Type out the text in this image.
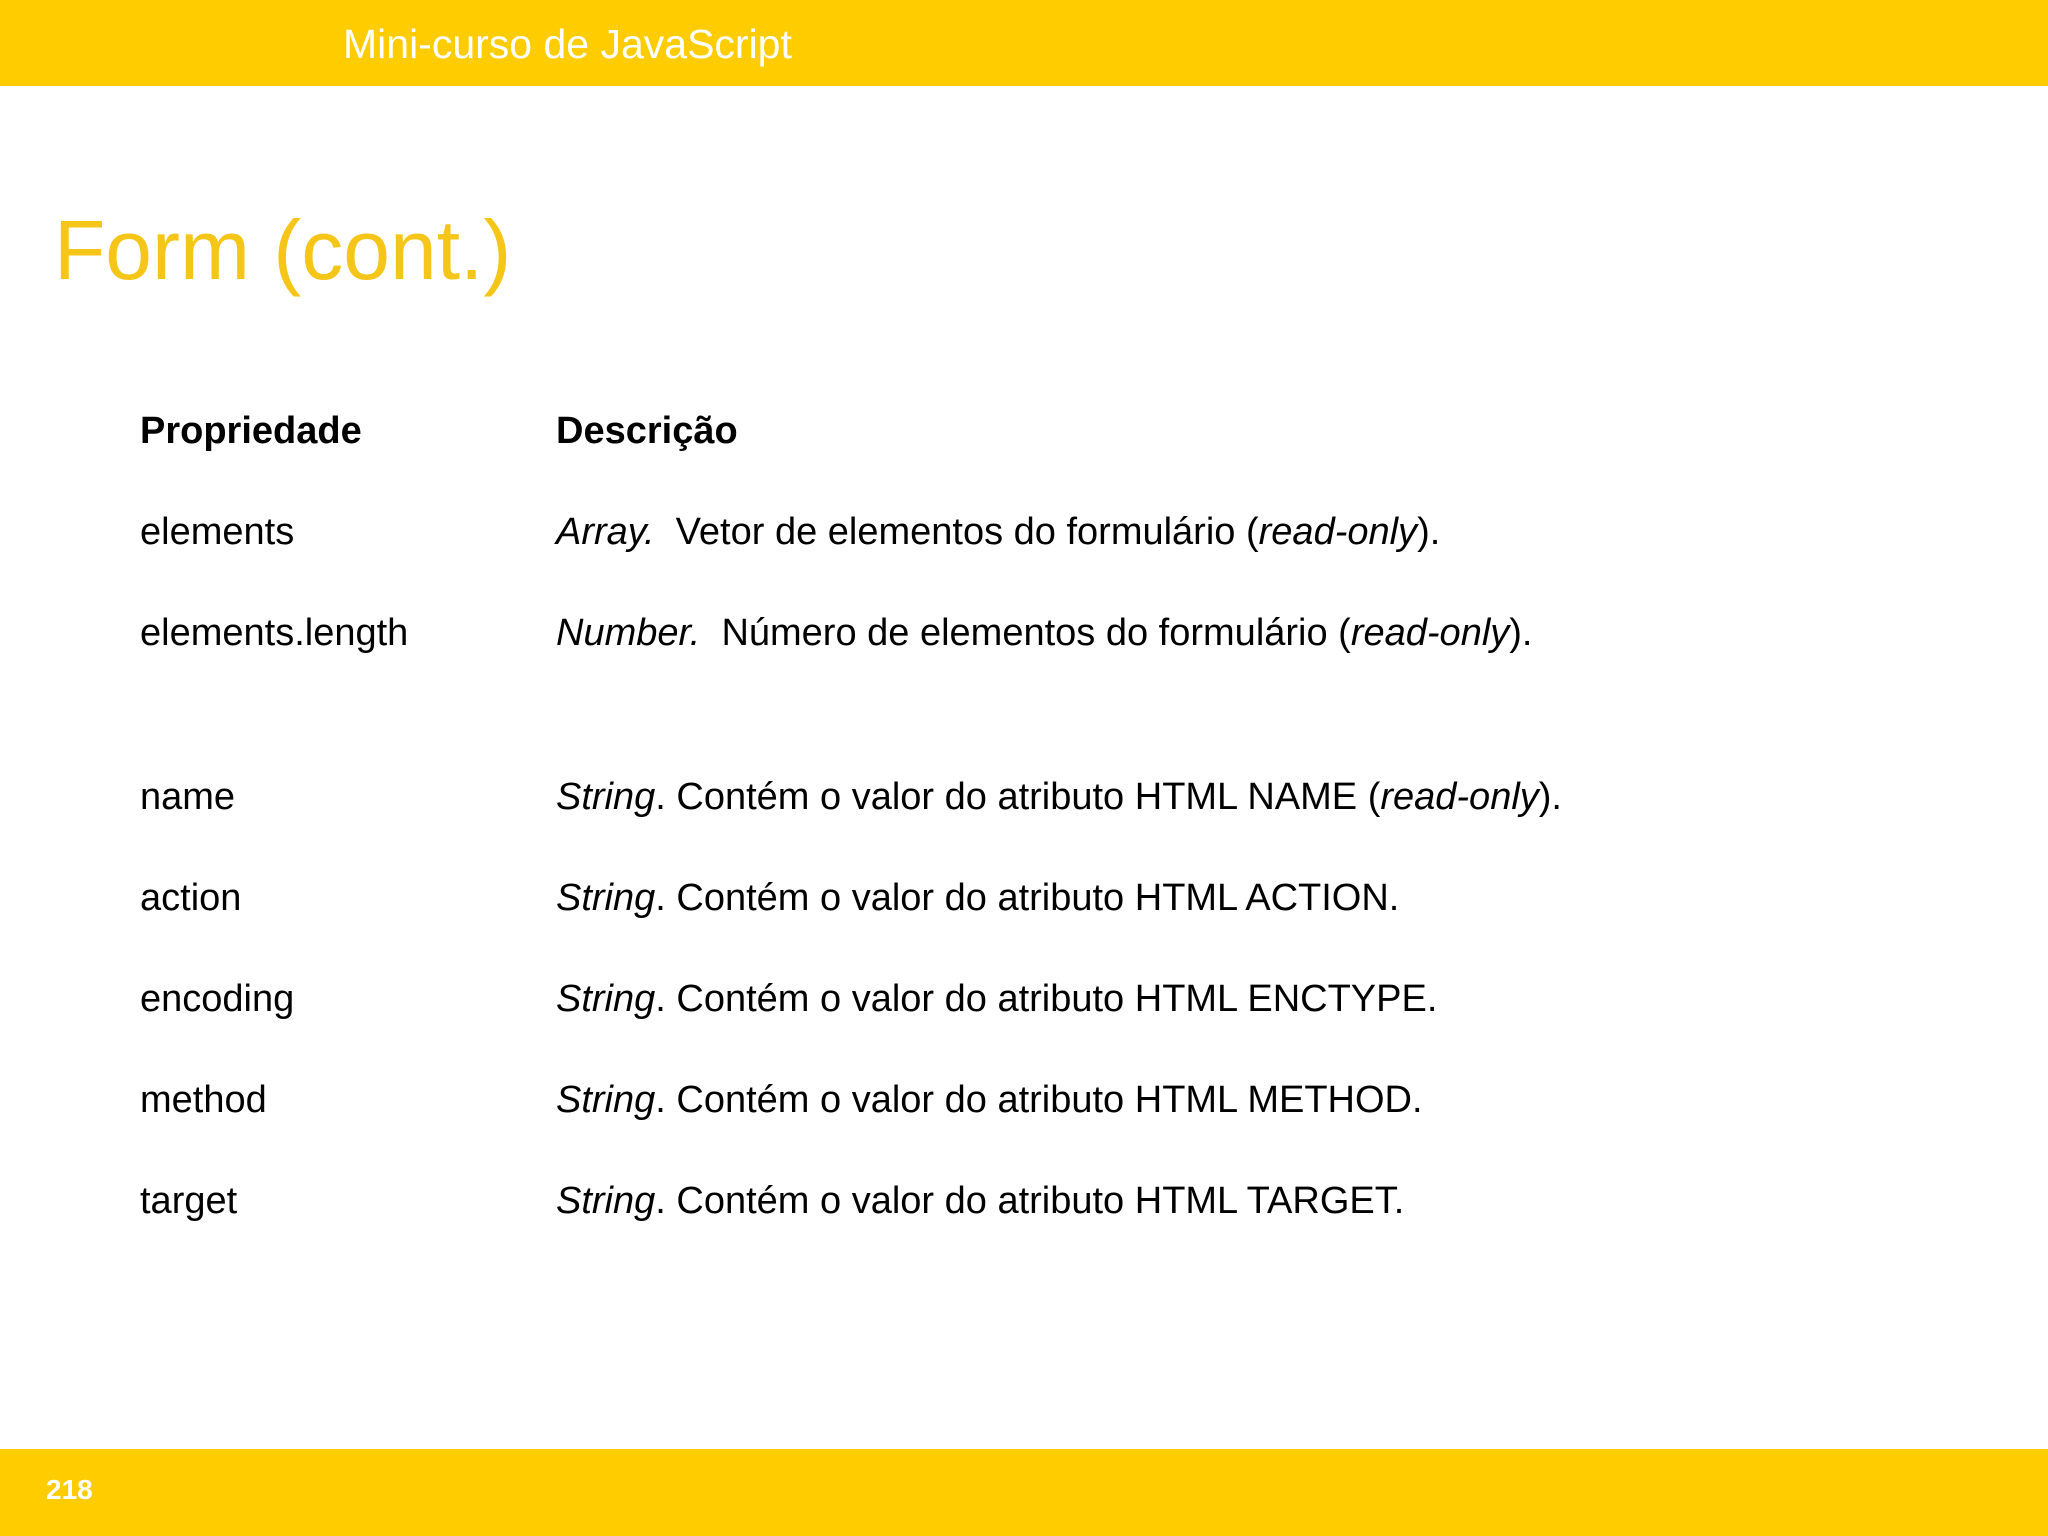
Mini-curso de JavaScript
Form (cont.)
Propriedade	Descrição
elements	Array. Vetor de elementos do formulário (read-only).
elements.length	Number. Número de elementos do formulário (read-only).
name	String. Contém o valor do atributo HTML NAME (read-only).
action	String. Contém o valor do atributo HTML ACTION.
encoding	String. Contém o valor do atributo HTML ENCTYPE.
method	String. Contém o valor do atributo HTML METHOD.
target	String. Contém o valor do atributo HTML TARGET.
218
